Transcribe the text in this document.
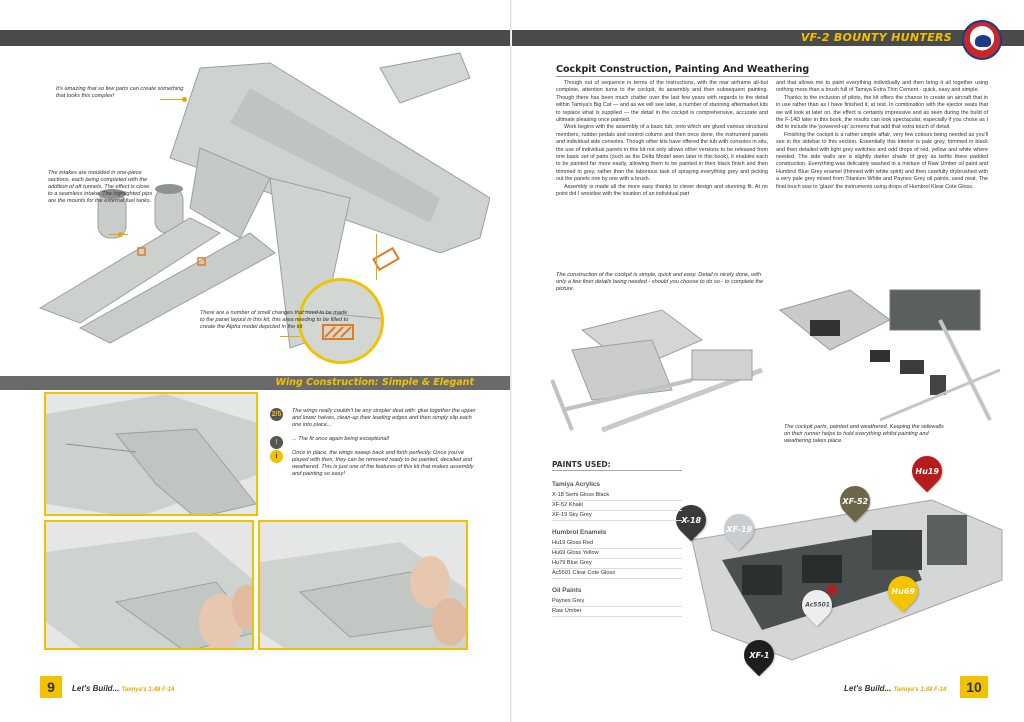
It's amazing that so few parts can create something that looks this complex!
The intakes are moulded in one-piece sections, each being completed with the addition of aft tunnels. The effect is close to a seamless intake. The highlighted pips are the mounts for the external fuel tanks.
There are a number of small changes that need to be made to the panel layout in this kit, this area needing to be filled to create the Alpha model depicted in the kit
Wing Construction: Simple & Elegant
2/5 The wings really couldn't be any simpler deal with: glue together the upper and lower halves, clean-up their leading edges and then simply slip each one into place...
!	... The fit once again being exceptional!
i	Once in place, the wings sweep back and forth perfectly. Once you've played with then, they can be removed ready to be painted, decalled and weathered. This is just one of the features of this kit that makes assembly and painting so easy!
9	Let's Build... Tamiya's 1:48 F-14
VF-2 BOUNTY HUNTERS
Cockpit Construction, Painting And Weathering

Though out of sequence in terms of the instructions, with the rear airframe all-but complete, attention turns to the cockpit, its assembly and then subsequent painting. Though there has been much chatter over the last few years with regards to the detail within Tamiya's Big Cat — and as we will see later, a number of stunning aftermarket kits to replace what is supplied — the detail in the cockpit is comprehensive, accurate and ultimate pleasing once painted.

Work begins with the assembly of a basic tub, onto which are glued various structural members, rudder pedals and control column and then once done, the instrument panels and individual side consoles. Though other kits have offered the tub with consoles in situ, the use of individual panels in this kit not only allows other versions to be released from one basic set of parts (such as the Delta Model seen later in this book), it enables each to be painted far more easily, allowing them to be painted in their black finish and then trimmed in grey, rather than the laborious task of spraying everything grey and picking out the panels one by one with a brush.

Assembly is made all the more easy thanks to clever design and stunning fit. At no point did I wrestlee with the location of an individual part

and that allows me to paint everything individually and then bring it all together using nothing more than a brush full of Tamiya Extra Thin Cement - quick, easy and simple.

Thanks to the inclusion of pilots, the kit offers the chance to create an aircraft that in in use rather than as I have finished it, at rest. In combination with the ejector seats that we will look at later on, the effect is certainly impressive and as seen during the build of the F-14D later in this book, the results can look spectacular, especially if you chose as I did to include the 'powered-up' screens that add that extra touch of detail.

Finishing the cockpit is a rather simple affair, very few colours being needed as you'll see in the sidebar to this section. Essentially this interior is pale grey, trimmed in black and then detailed with light grey switches and odd drops of red, yellow and white where needed. The side walls are a slightly darker shade of grey as befits there padded construction. Everything was delicately washed in a mixture of Raw Umber oil paint and Humbrol Blue Grey enamel (thinned with white spirit) and then carefully drybrushed with a very pale grey mixed from Titanium White and Paynes Grey oil paints, used neat. The final touch was to 'glaze' the instruments using drops of Humbrol Klear Cote Gloss.

The construction of the cockpit is simple, quick and easy. Detail is nicely done, with only a few finer details being needed - should you choose to do so - to complete the picture.
The cockpit parts, painted and weathered. Keeping the sidewalls on their runner helps to hold everything whilst painting and weathering takes place.
X-18
XF-19
XF-52
Hu19
Hu69
Ac5501
XF-1
PAINTS USED:
Tamiya Acrylics
X-18 Semi Gloss Black
XF-52 Khaki
XF-19 Sky Grey
Humbrol Enamels
Hu19 Gloss Red
Hu69 Gloss Yellow
Hu79 Blue Grey
Ac5501 Clear Cote Gloss
Oil Paints
Paynes Grey
Raw Umber
Let's Build... Tamiya's 1:48 F-14	10
